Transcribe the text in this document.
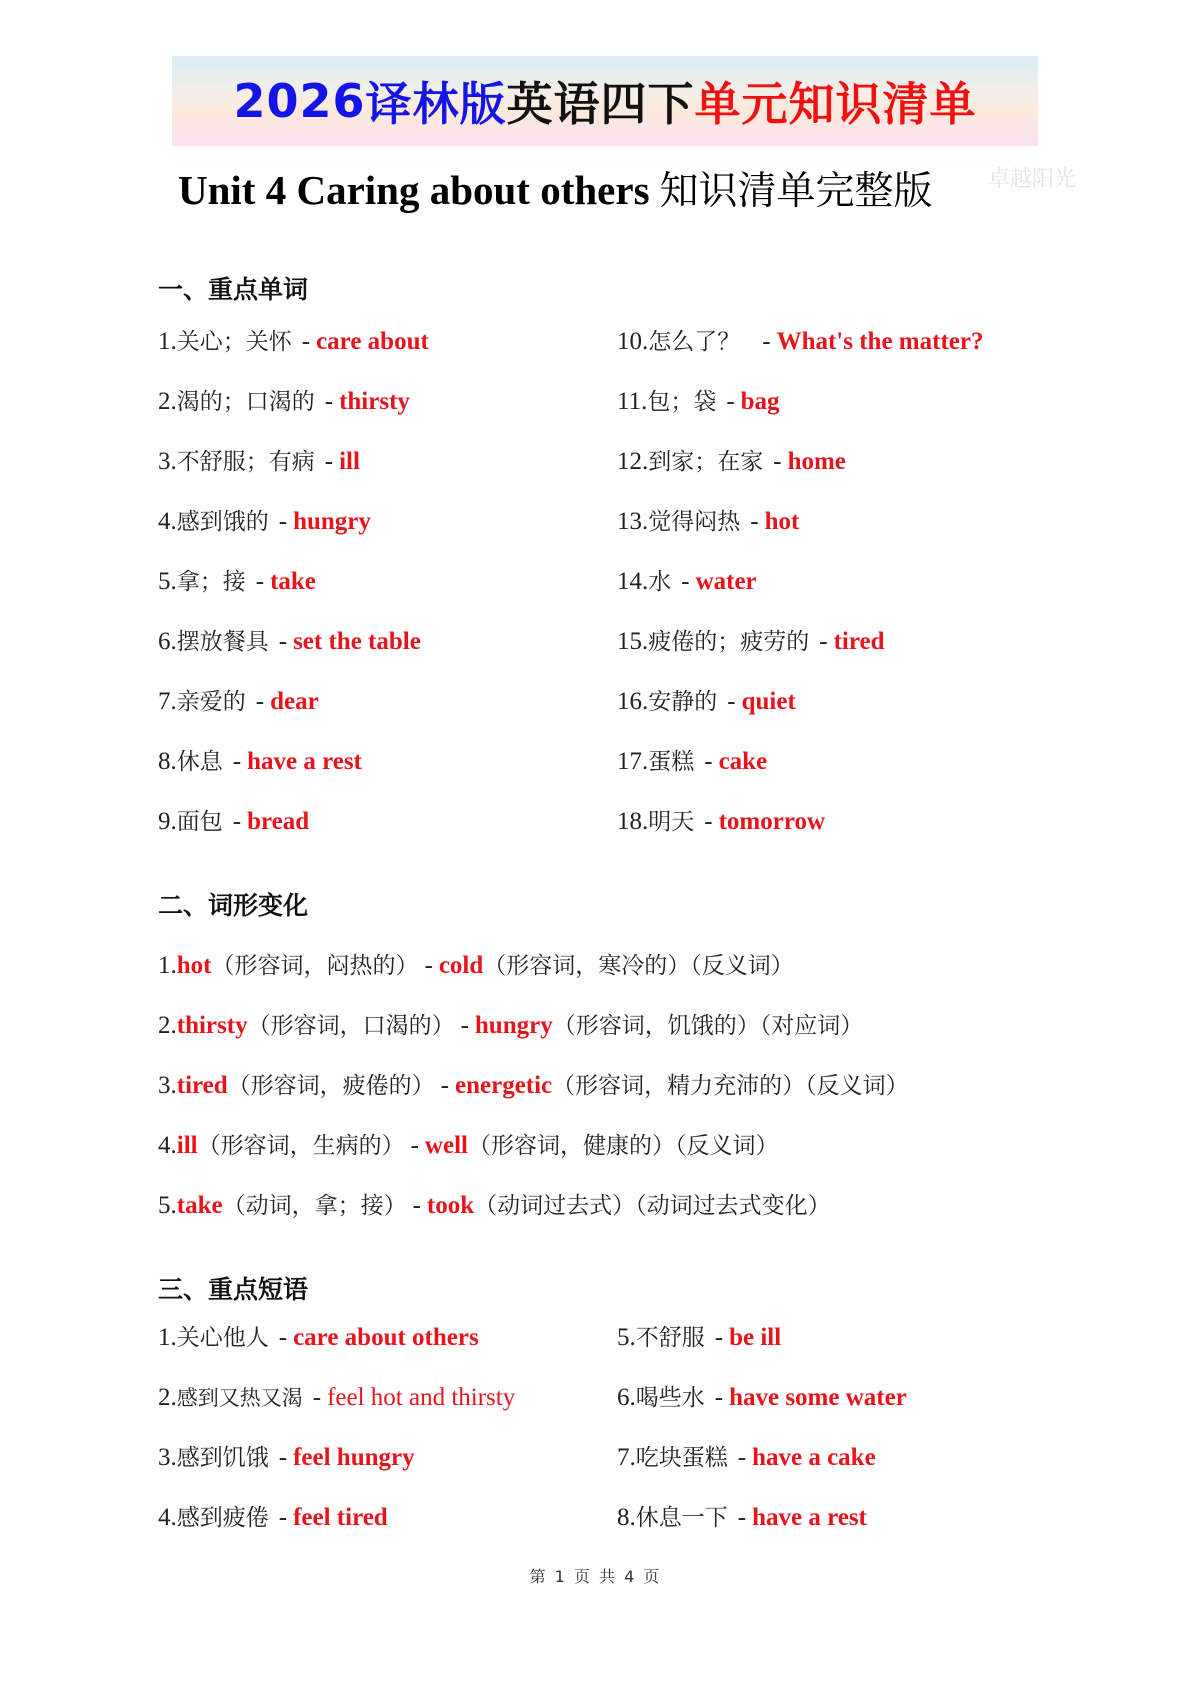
2026 译林版 英语四下 单元知识清单
Unit 4 Caring about others 知识清单完整版	卓越阳光
一、重点单词
1.关心；关怀 - care about
2.渴的；口渴的 - thirsty
3.不舒服；有病 - ill
4.感到饿的 - hungry
5.拿；接 - take
6.摆放餐具 - set the table
7.亲爱的 - dear
8.休息 - have a rest
9.面包 - bread
10.怎么了？ - What's the matter?
11.包；袋 - bag
12.到家；在家 - home
13.觉得闷热 - hot
14.水 - water
15.疲倦的；疲劳的 - tired
16.安静的 - quiet
17.蛋糕 - cake
18.明天 - tomorrow
二、词形变化
1.hot（形容词，闷热的） - cold（形容词，寒冷的）（反义词）
2.thirsty（形容词，口渴的） - hungry（形容词，饥饿的）（对应词）
3.tired（形容词，疲倦的） - energetic（形容词，精力充沛的）（反义词）
4.ill（形容词，生病的） - well（形容词，健康的）（反义词）
5.take（动词，拿；接） - took（动词过去式）（动词过去式变化）
三、重点短语
1.关心他人 - care about others
2.感到又热又渴 - feel hot and thirsty
3.感到饥饿 - feel hungry
4.感到疲倦 - feel tired
5.不舒服 - be ill
6.喝些水 - have some water
7.吃块蛋糕 - have a cake
8.休息一下 - have a rest
第 1 页 共 4 页
